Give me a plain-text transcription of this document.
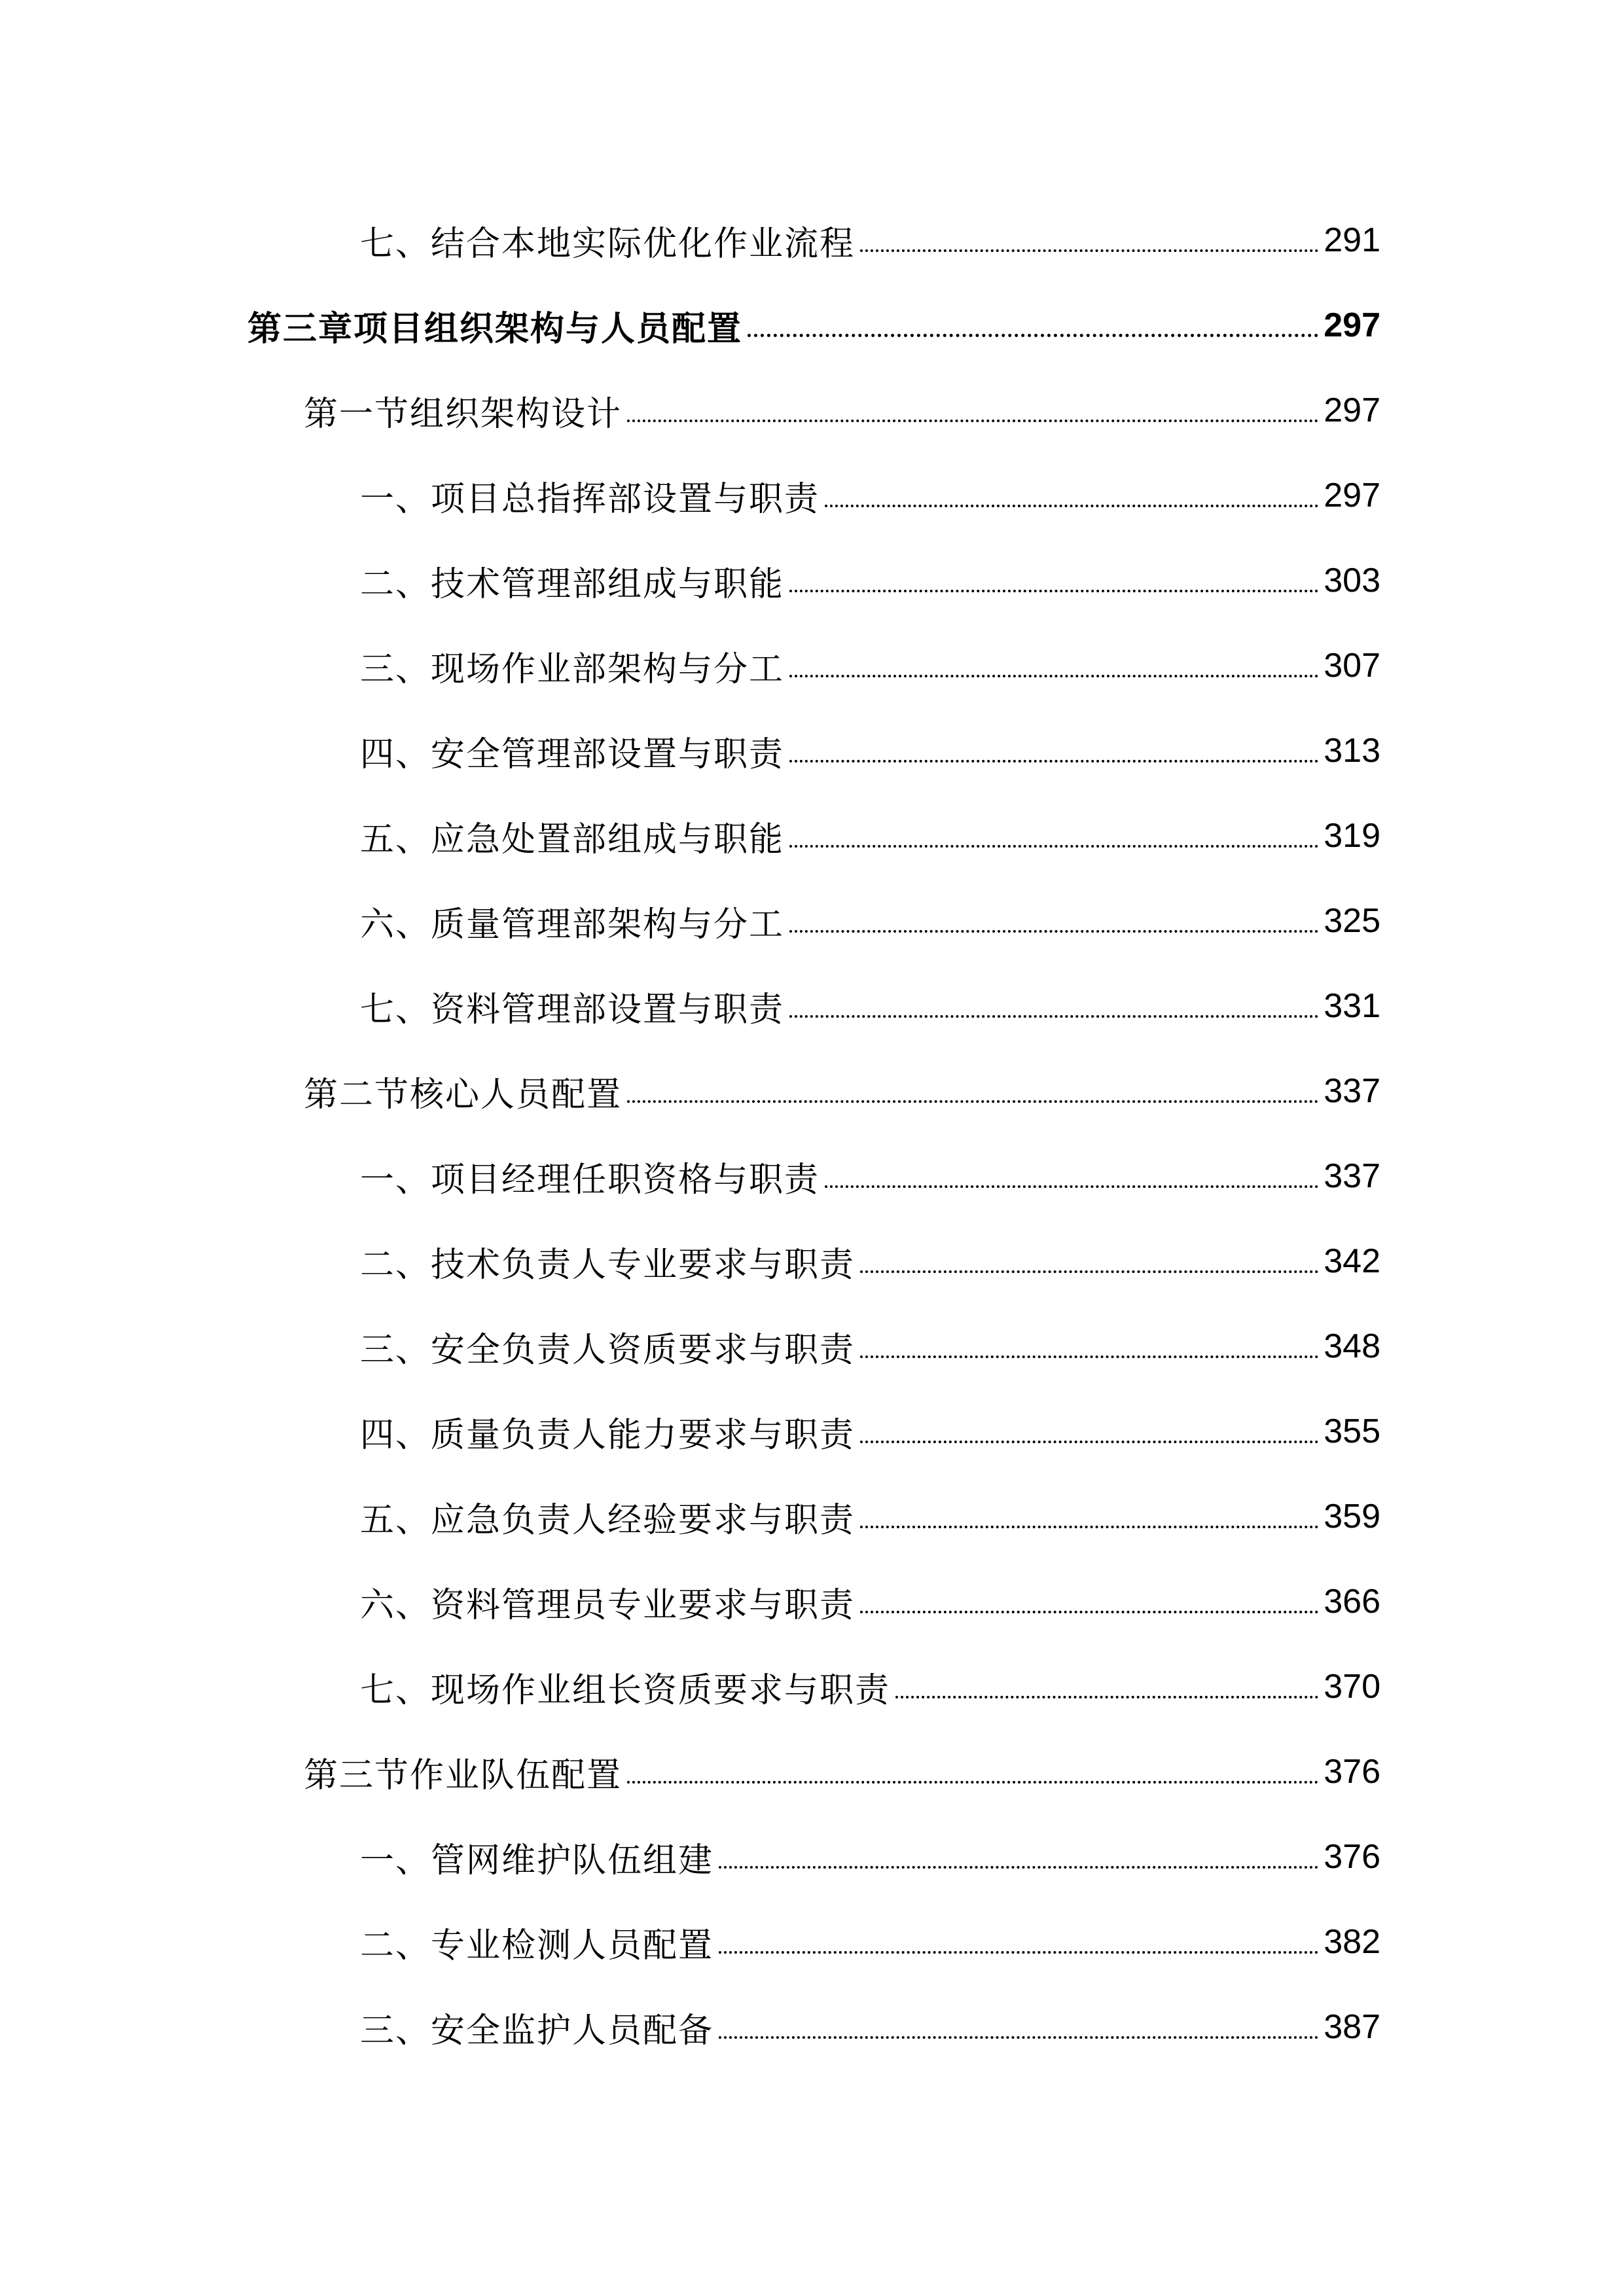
七、结合本地实际优化作业流程	291
第三章项目组织架构与人员配置	297
第一节组织架构设计	297
一、项目总指挥部设置与职责	297
二、技术管理部组成与职能	303
三、现场作业部架构与分工	307
四、安全管理部设置与职责	313
五、应急处置部组成与职能	319
六、质量管理部架构与分工	325
七、资料管理部设置与职责	331
第二节核心人员配置	337
一、项目经理任职资格与职责	337
二、技术负责人专业要求与职责	342
三、安全负责人资质要求与职责	348
四、质量负责人能力要求与职责	355
五、应急负责人经验要求与职责	359
六、资料管理员专业要求与职责	366
七、现场作业组长资质要求与职责	370
第三节作业队伍配置	376
一、管网维护队伍组建	376
二、专业检测人员配置	382
三、安全监护人员配备	387
